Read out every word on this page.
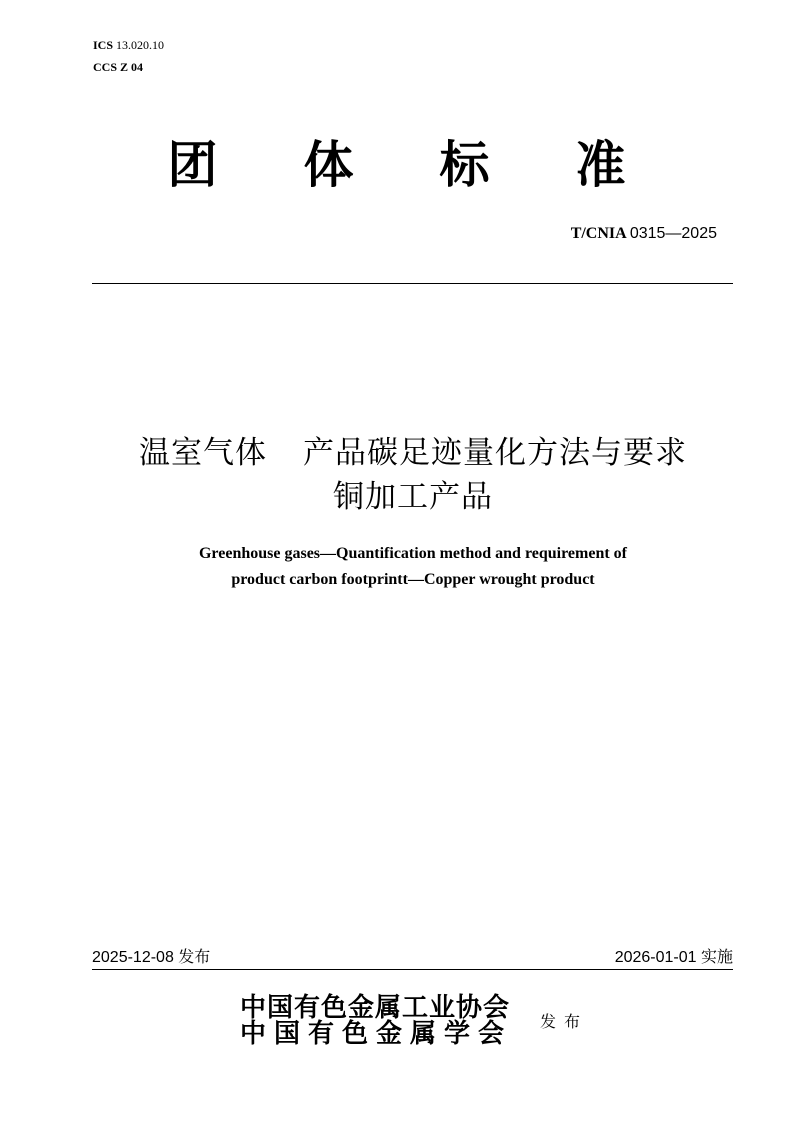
ICS 13.020.10
CCS Z 04
团 体 标 准
T/CNIA 0315—2025
温室气体 产品碳足迹量化方法与要求
铜加工产品
Greenhouse gases—Quantification method and requirement of
product carbon footprintt—Copper wrought product
2025-12-08 发布	2026-01-01 实施
中国有色金属工业协会
中国有色金属学会 发布
